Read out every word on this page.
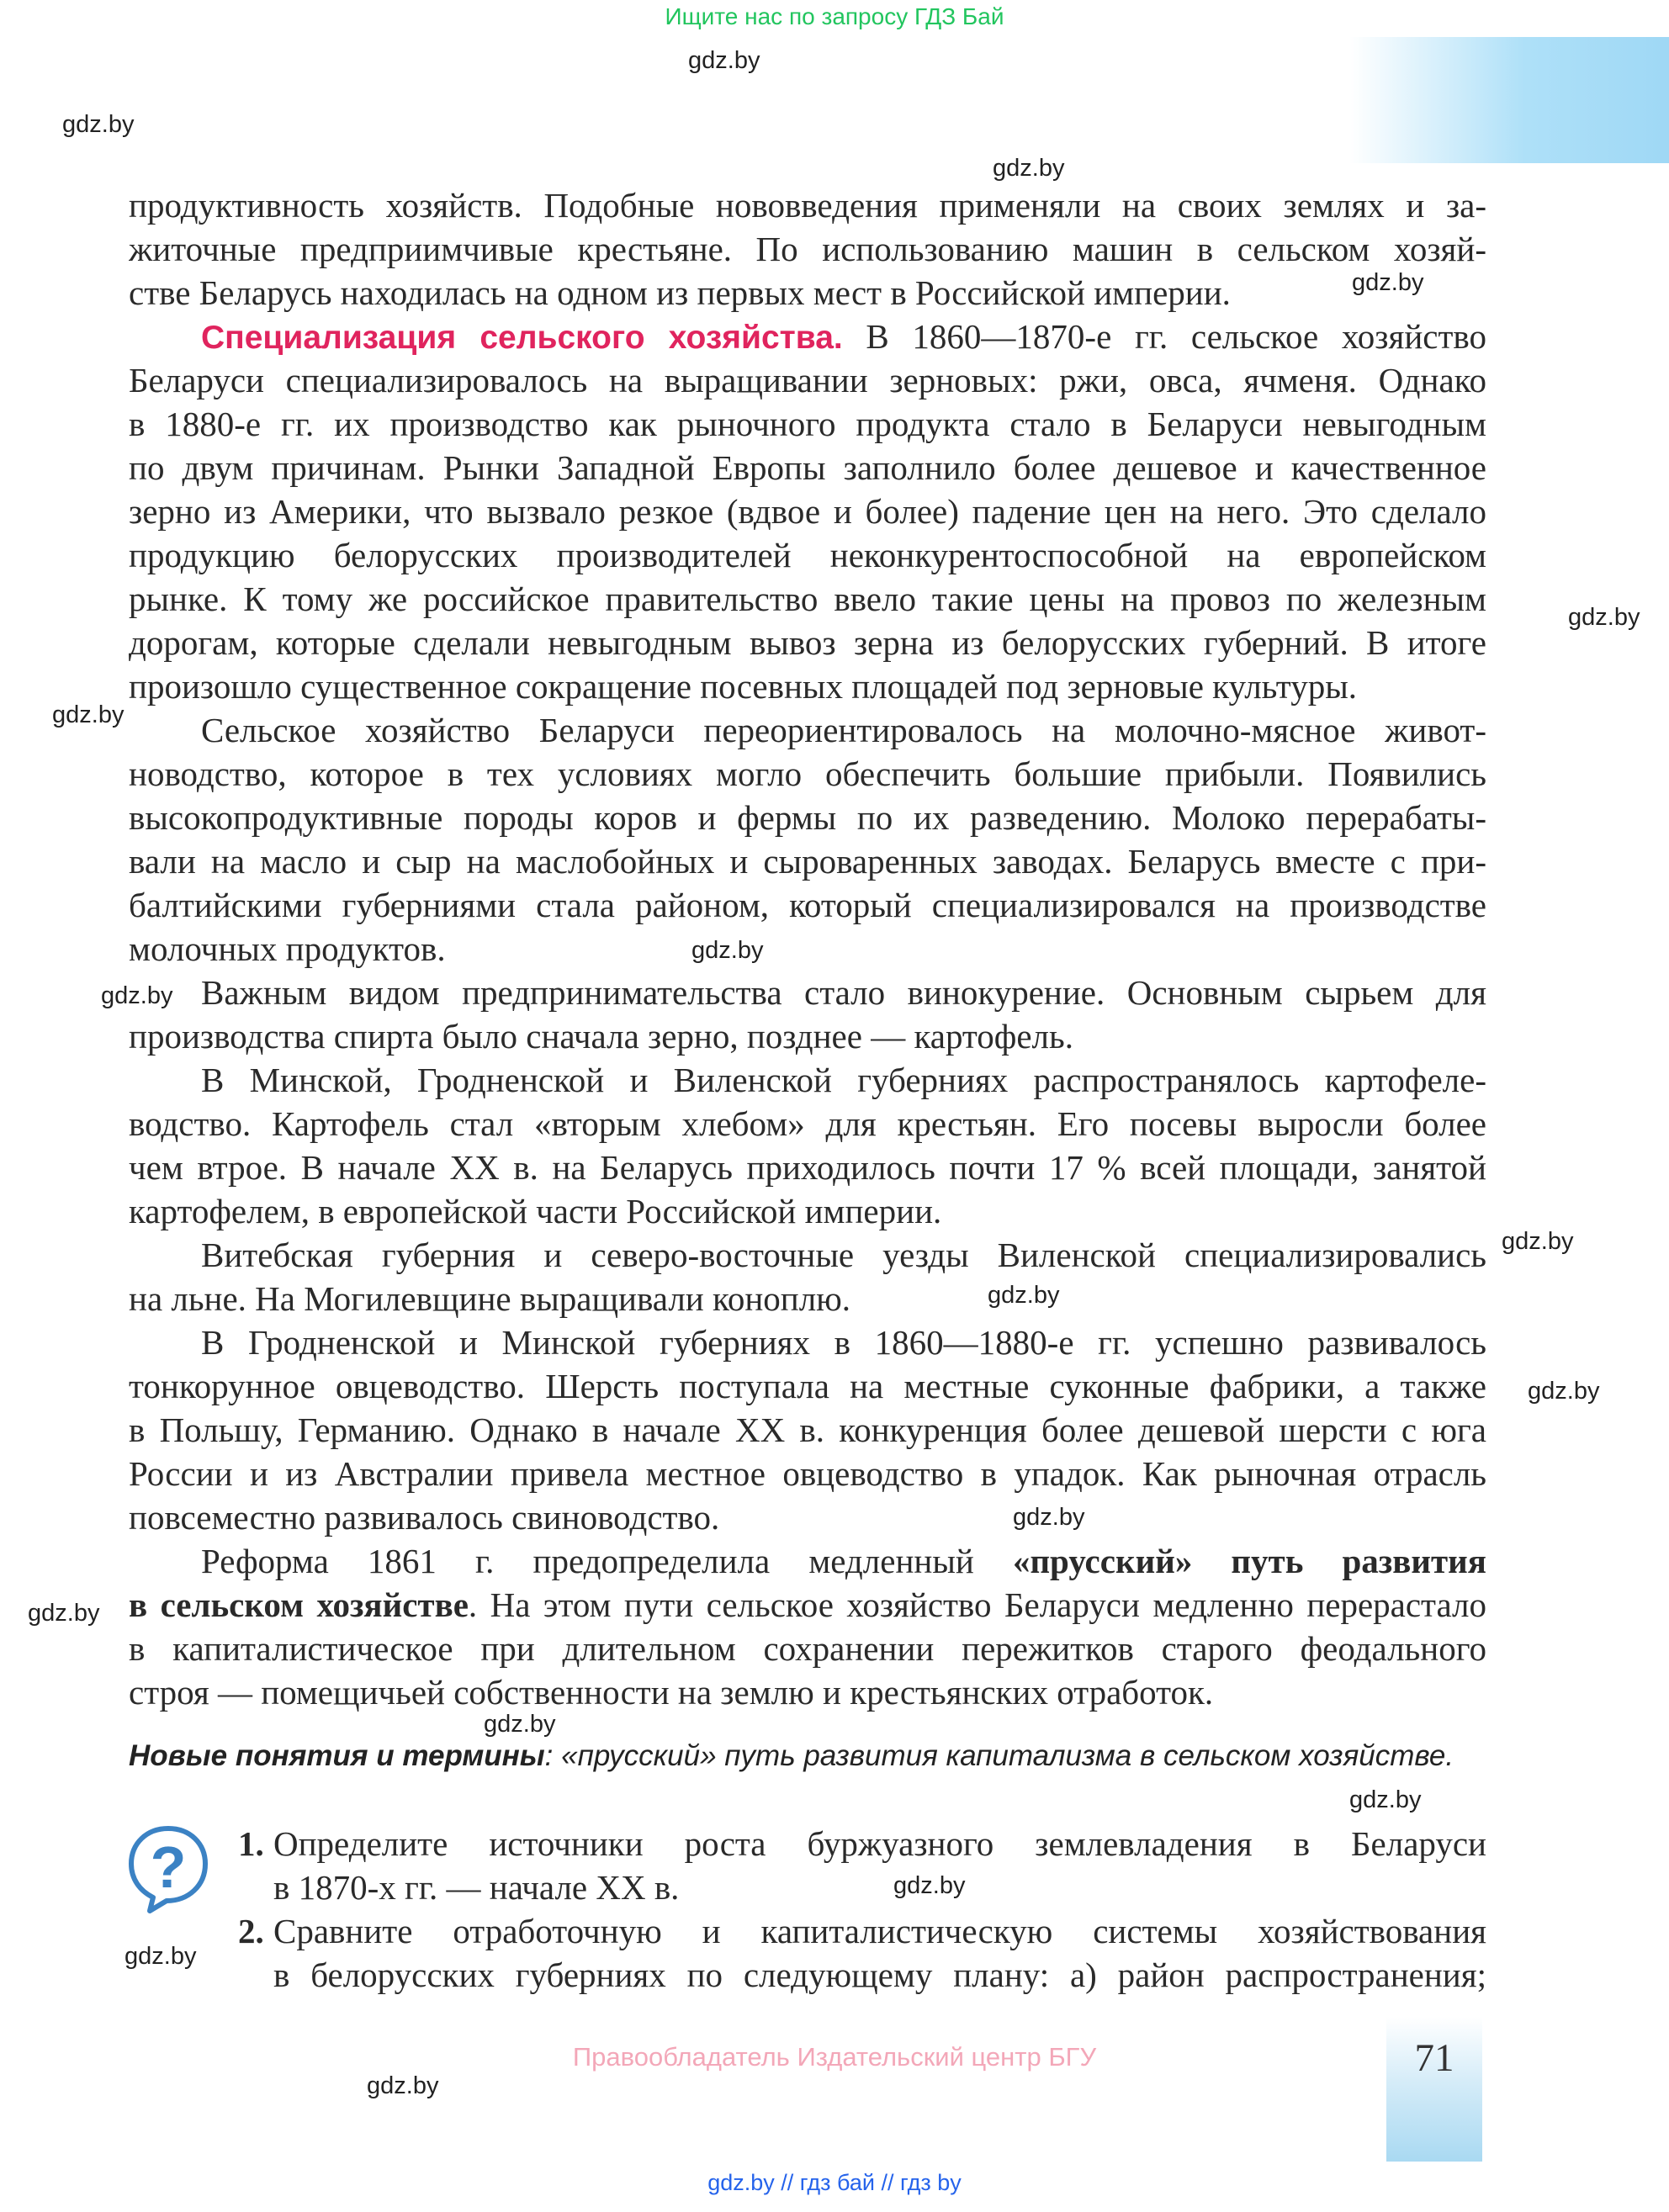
Ищите нас по запросу ГДЗ Бай
gdz.by
gdz.by
gdz.by
gdz.by
gdz.by
gdz.by
gdz.by
gdz.by
gdz.by
gdz.by
gdz.by
gdz.by
gdz.by
gdz.by
gdz.by
gdz.by
gdz.by
gdz.by
продуктивность хозяйств. Подобные нововведения применяли на своих землях и за-
житочные предприимчивые крестьяне. По использованию машин в сельском хозяй-
стве Беларусь находилась на одном из первых мест в Российской империи.
Специализация сельского хозяйства. В 1860—1870-е гг. сельское хозяйство
Беларуси специализировалось на выращивании зерновых: ржи, овса, ячменя. Однако
в 1880-е гг. их производство как рыночного продукта стало в Беларуси невыгодным
по двум причинам. Рынки Западной Европы заполнило более дешевое и качественное
зерно из Америки, что вызвало резкое (вдвое и более) падение цен на него. Это сделало
продукцию белорусских производителей неконкурентоспособной на европейском
рынке. К тому же российское правительство ввело такие цены на провоз по железным
дорогам, которые сделали невыгодным вывоз зерна из белорусских губерний. В итоге
произошло существенное сокращение посевных площадей под зерновые культуры.
Сельское хозяйство Беларуси переориентировалось на молочно-мясное живот-
новодство, которое в тех условиях могло обеспечить большие прибыли. Появились
высокопродуктивные породы коров и фермы по их разведению. Молоко перерабаты-
вали на масло и сыр на маслобойных и сыроваренных заводах. Беларусь вместе с при-
балтийскими губерниями стала районом, который специализировался на производстве
молочных продуктов.
Важным видом предпринимательства стало винокурение. Основным сырьем для
производства спирта было сначала зерно, позднее — картофель.
В Минской, Гродненской и Виленской губерниях распространялось картофеле-
водство. Картофель стал «вторым хлебом» для крестьян. Его посевы выросли более
чем втрое. В начале XX в. на Беларусь приходилось почти 17 % всей площади, занятой
картофелем, в европейской части Российской империи.
Витебская губерния и северо-восточные уезды Виленской специализировались
на льне. На Могилевщине выращивали коноплю.
В Гродненской и Минской губерниях в 1860—1880-е гг. успешно развивалось
тонкорунное овцеводство. Шерсть поступала на местные суконные фабрики, а также
в Польшу, Германию. Однако в начале XX в. конкуренция более дешевой шерсти с юга
России и из Австралии привела местное овцеводство в упадок. Как рыночная отрасль
повсеместно развивалось свиноводство.
Реформа 1861 г. предопределила медленный «прусский» путь развития
в сельском хозяйстве. На этом пути сельское хозяйство Беларуси медленно перерастало
в капиталистическое при длительном сохранении пережитков старого феодального
строя — помещичьей собственности на землю и крестьянских отработок.
Новые понятия и термины: «прусский» путь развития капитализма в сельском хозяйстве.
? 1. Определите источники роста буржуазного землевладения в Беларуси
в 1870-х гг. — начале XX в.
2. Сравните отработочную и капиталистическую системы хозяйствования
в белорусских губерниях по следующему плану: а) район распространения;
Правообладатель Издательский центр БГУ	71
gdz.by // гдз бай // гдз by
